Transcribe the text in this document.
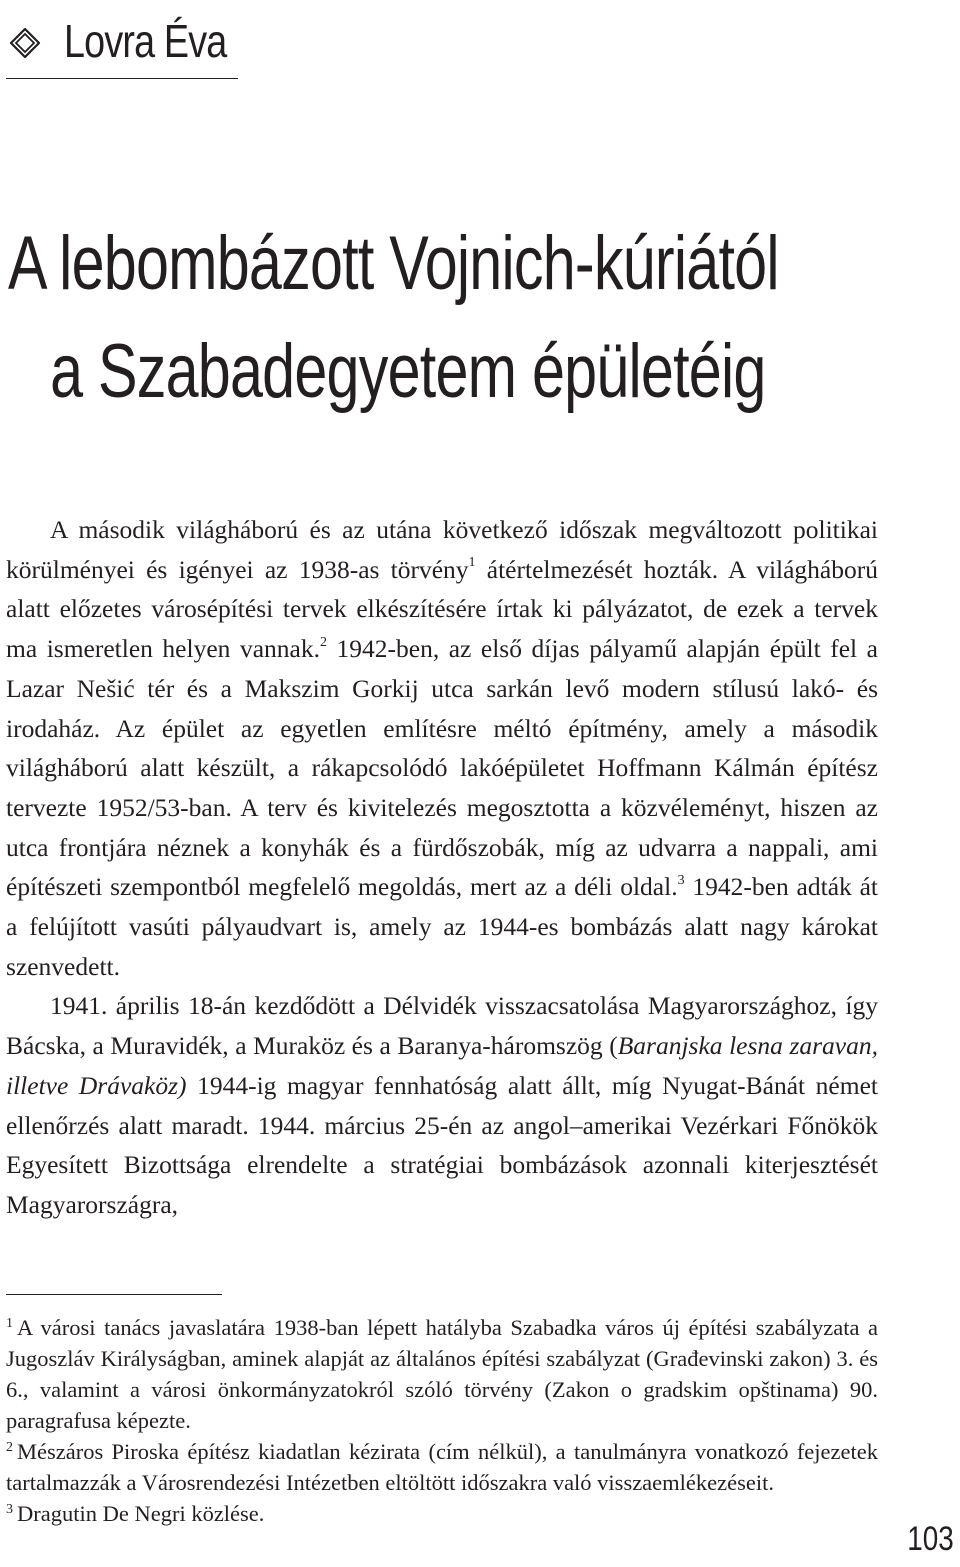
Lovra Éva
A lebombázott Vojnich-kúriától
a Szabadegyetem épületéig

A második világháború és az utána következő időszak megváltozott politikai körülményei és igényei az 1938-as törvény$^1$ átértelmezését hozták. A világháború alatt előzetes városépítési tervek elkészítésére írtak ki pályázatot, de ezek a tervek ma ismeretlen helyen vannak.$^2$ 1942-ben, az első díjas pályamű alapján épült fel a Lazar Nešić tér és a Makszim Gorkij utca sarkán levő modern stílusú lakó- és irodaház. Az épület az egyetlen említésre méltó építmény, amely a második világháború alatt készült, a rákapcsolódó lakóépületet Hoffmann Kálmán építész tervezte 1952/53-ban. A terv és kivitelezés megosztotta a közvéleményt, hiszen az utca frontjára néznek a konyhák és a fürdőszobák, míg az udvarra a nappali, ami építészeti szempontból megfelelő megoldás, mert az a déli oldal.$^3$ 1942-ben adták át a felújított vasúti pályaudvart is, amely az 1944-es bombázás alatt nagy károkat szenvedett.

1941. április 18-án kezdődött a Délvidék visszacsatolása Magyarországhoz, így Bácska, a Muravidék, a Muraköz és a Baranya-háromszög (Baranjska lesna zaravan, illetve Drávaköz) 1944-ig magyar fennhatóság alatt állt, míg Nyugat-Bánát német ellenőrzés alatt maradt. 1944. március 25-én az angol–amerikai Vezérkari Főnökök Egyesített Bizottsága elrendelte a stratégiai bombázások azonnali kiterjesztését Magyarországra,

$^1$ A városi tanács javaslatára 1938-ban lépett hatályba Szabadka város új építési szabályzata a Jugoszláv Királyságban, aminek alapját az általános építési szabályzat (Građevinski zakon) 3. és 6., valamint a városi önkormányzatokról szóló törvény (Zakon o gradskim opštinama) 90. paragrafusa képezte.

$^2$ Mészáros Piroska építész kiadatlan kézirata (cím nélkül), a tanulmányra vonatkozó fejezetek tartalmazzák a Városrendezési Intézetben eltöltött időszakra való visszaemlékezéseit.

$^3$ Dragutin De Negri közlése.

103
